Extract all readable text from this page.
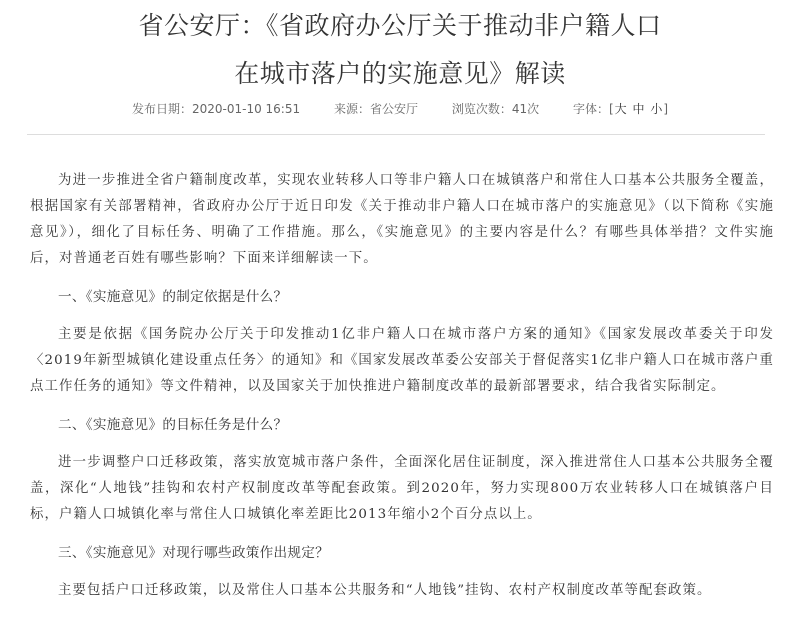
省公安厅：《省政府办公厅关于推动非户籍人口
在城市落户的实施意见》解读
发布日期：2020-01-10 16:51	来源：省公安厅	浏览次数：41次	字体：[大 中 小]

为进一步推进全省户籍制度改革，实现农业转移人口等非户籍人口在城镇落户和常住人口基本公共服务全覆盖，根据国家有关部署精神，省政府办公厅于近日印发《关于推动非户籍人口在城市落户的实施意见》（以下简称《实施意见》），细化了目标任务、明确了工作措施。那么，《实施意见》的主要内容是什么？有哪些具体举措？文件实施后，对普通老百姓有哪些影响？下面来详细解读一下。

一、《实施意见》的制定依据是什么？

主要是依据《国务院办公厅关于印发推动1亿非户籍人口在城市落户方案的通知》《国家发展改革委关于印发〈2019年新型城镇化建设重点任务〉的通知》和《国家发展改革委公安部关于督促落实1亿非户籍人口在城市落户重点工作任务的通知》等文件精神，以及国家关于加快推进户籍制度改革的最新部署要求，结合我省实际制定。

二、《实施意见》的目标任务是什么？

进一步调整户口迁移政策，落实放宽城市落户条件，全面深化居住证制度，深入推进常住人口基本公共服务全覆盖，深化“人地钱”挂钩和农村产权制度改革等配套政策。到2020年，努力实现800万农业转移人口在城镇落户目标，户籍人口城镇化率与常住人口城镇化率差距比2013年缩小2个百分点以上。

三、《实施意见》对现行哪些政策作出规定？

主要包括户口迁移政策，以及常住人口基本公共服务和“人地钱”挂钩、农村产权制度改革等配套政策。
